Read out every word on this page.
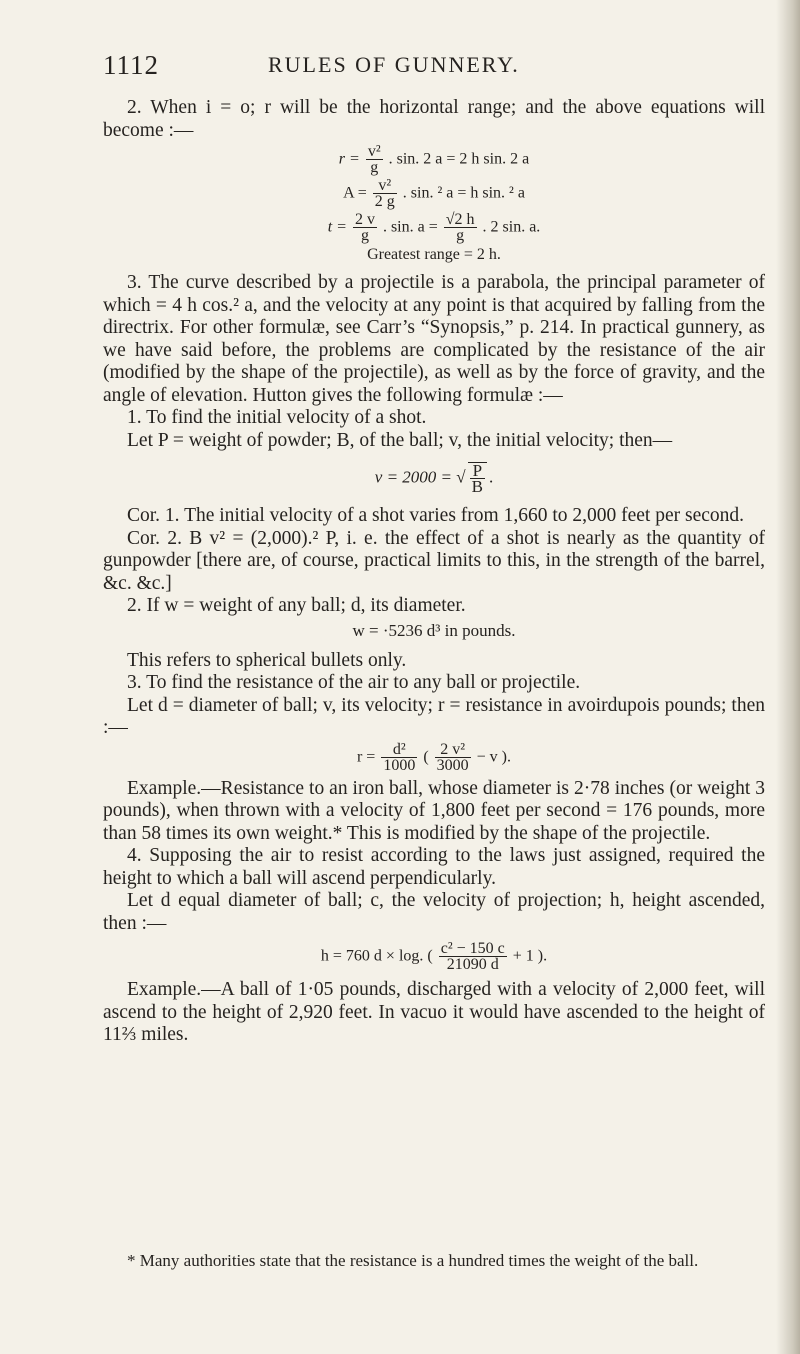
1112	RULES OF GUNNERY.

2. When i = o; r will be the horizontal range; and the above equations will become :—

$r = \frac{\text{v²}}{g}$ . sin. 2 a = 2 h sin. 2 a
$A = \frac{\text{v²}}{2 g}$ . sin. ² a = h sin. ² a
$t = \frac{2 v}{g}$ . sin. $a = \frac{√2 h}{g}$ . 2 sin. a.
Greatest range = 2 h.

3. The curve described by a projectile is a parabola, the principal parameter of which = 4 h cos.² a, and the velocity at any point is that acquired by falling from the directrix. For other formulæ, see Carr’s “Synopsis,” p. 214. In practical gunnery, as we have said before, the problems are complicated by the resistance of the air (modified by the shape of the projectile), as well as by the force of gravity, and the angle of elevation. Hutton gives the following formulæ :—

1. To find the initial velocity of a shot.

Let P = weight of powder; B, of the ball; v, the initial velocity; then—

v = 2000 = √ $\frac{P}{B}$ .

Cor. 1. The initial velocity of a shot varies from 1,660 to 2,000 feet per second.

Cor. 2. B v² = (2,000).² P, i. e. the effect of a shot is nearly as the quantity of gunpowder [there are, of course, practical limits to this, in the strength of the barrel, &c. &c.]

2. If w = weight of any ball; d, its diameter.

w = ·5236 d³ in pounds.

This refers to spherical bullets only.

3. To find the resistance of the air to any ball or projectile.

Let d = diameter of ball; v, its velocity; r = resistance in avoirdupois pounds; then :—

$r = \frac{\text{d²}}{1000}$ ( $\frac{\text{2 v²}}{3000} - v$ ).

Example.—Resistance to an iron ball, whose diameter is 2·78 inches (or weight 3 pounds), when thrown with a velocity of 1,800 feet per second = 176 pounds, more than 58 times its own weight.* This is modified by the shape of the projectile.

4. Supposing the air to resist according to the laws just assigned, required the height to which a ball will ascend perpendicularly.

Let d equal diameter of ball; c, the velocity of projection; h, height ascended, then :—

h = 760 d × log. ( $\frac{\text{c² − 150 c}}{21090 d} + 1$ ).

Example.—A ball of 1·05 pounds, discharged with a velocity of 2,000 feet, will ascend to the height of 2,920 feet. In vacuo it would have ascended to the height of 11⅔ miles.

* Many authorities state that the resistance is a hundred times the weight of the ball.
